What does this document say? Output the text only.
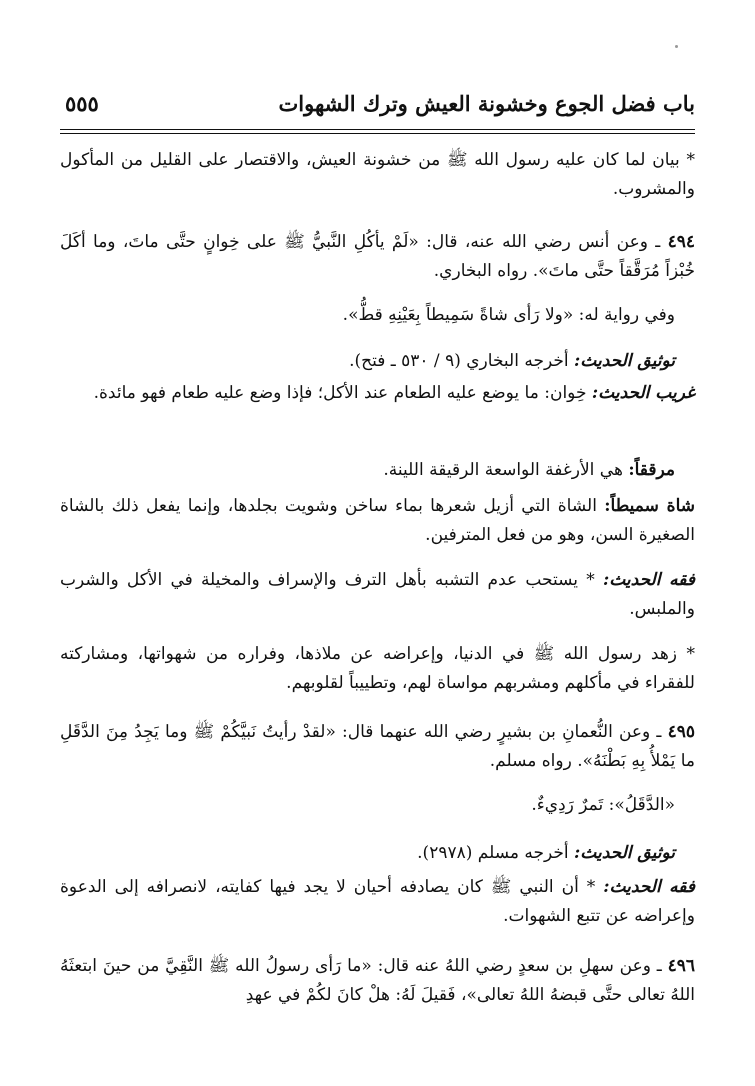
باب فضل الجوع وخشونة العيش وترك الشهوات
٥٥٥
* بيان لما كان عليه رسول الله ﷺ من خشونة العيش، والاقتصار على القليل من المأكول والمشروب.
٤٩٤ ـ وعن أنس رضي الله عنه، قال: «لَمْ يأكُلِ النَّبيُّ ﷺ على خِوانٍ حتَّى ماتَ، وما أكَلَ خُبْزاً مُرَقَّقاً حتَّى ماتَ». رواه البخاري.
وفي رواية له: «ولا رَأى شاةً سَمِيطاً بِعَيْنِهِ قطُّ».
توثيق الحديث: أخرجه البخاري (٩ / ٥٣٠ ـ فتح).
غريب الحديث: خِوان: ما يوضع عليه الطعام عند الأكل؛ فإذا وضع عليه طعام فهو مائدة.
مرققاً: هي الأرغفة الواسعة الرقيقة اللينة.
شاة سميطاً: الشاة التي أزيل شعرها بماء ساخن وشويت بجلدها، وإنما يفعل ذلك بالشاة الصغيرة السن، وهو من فعل المترفين.
فقه الحديث: * يستحب عدم التشبه بأهل الترف والإسراف والمخيلة في الأكل والشرب والملبس.
* زهد رسول الله ﷺ في الدنيا، وإعراضه عن ملاذها، وفراره من شهواتها، ومشاركته للفقراء في مأكلهم ومشربهم مواساة لهم، وتطييباً لقلوبهم.
٤٩٥ ـ وعن النُّعمانِ بن بشيرٍ رضي الله عنهما قال: «لقدْ رأيتُ نَبيَّكُمْ ﷺ وما يَجِدُ مِنَ الدَّقَلِ ما يَمْلأُ بِهِ بَطْنَهُ». رواه مسلم.
«الدَّقَلُ»: تَمرٌ رَدِيءٌ.
توثيق الحديث: أخرجه مسلم (٢٩٧٨).
فقه الحديث: * أن النبي ﷺ كان يصادفه أحيان لا يجد فيها كفايته، لانصرافه إلى الدعوة وإعراضه عن تتبع الشهوات.
٤٩٦ ـ وعن سهلِ بن سعدٍ رضي اللهُ عنه قال: «ما رَأى رسولُ الله ﷺ النَّقِيَّ من حينَ ابتعثَهُ اللهُ تعالى حتَّى قبضهُ اللهُ تعالى»، فَقيلَ لَهُ: هلْ كانَ لكُمْ في عهدِ
